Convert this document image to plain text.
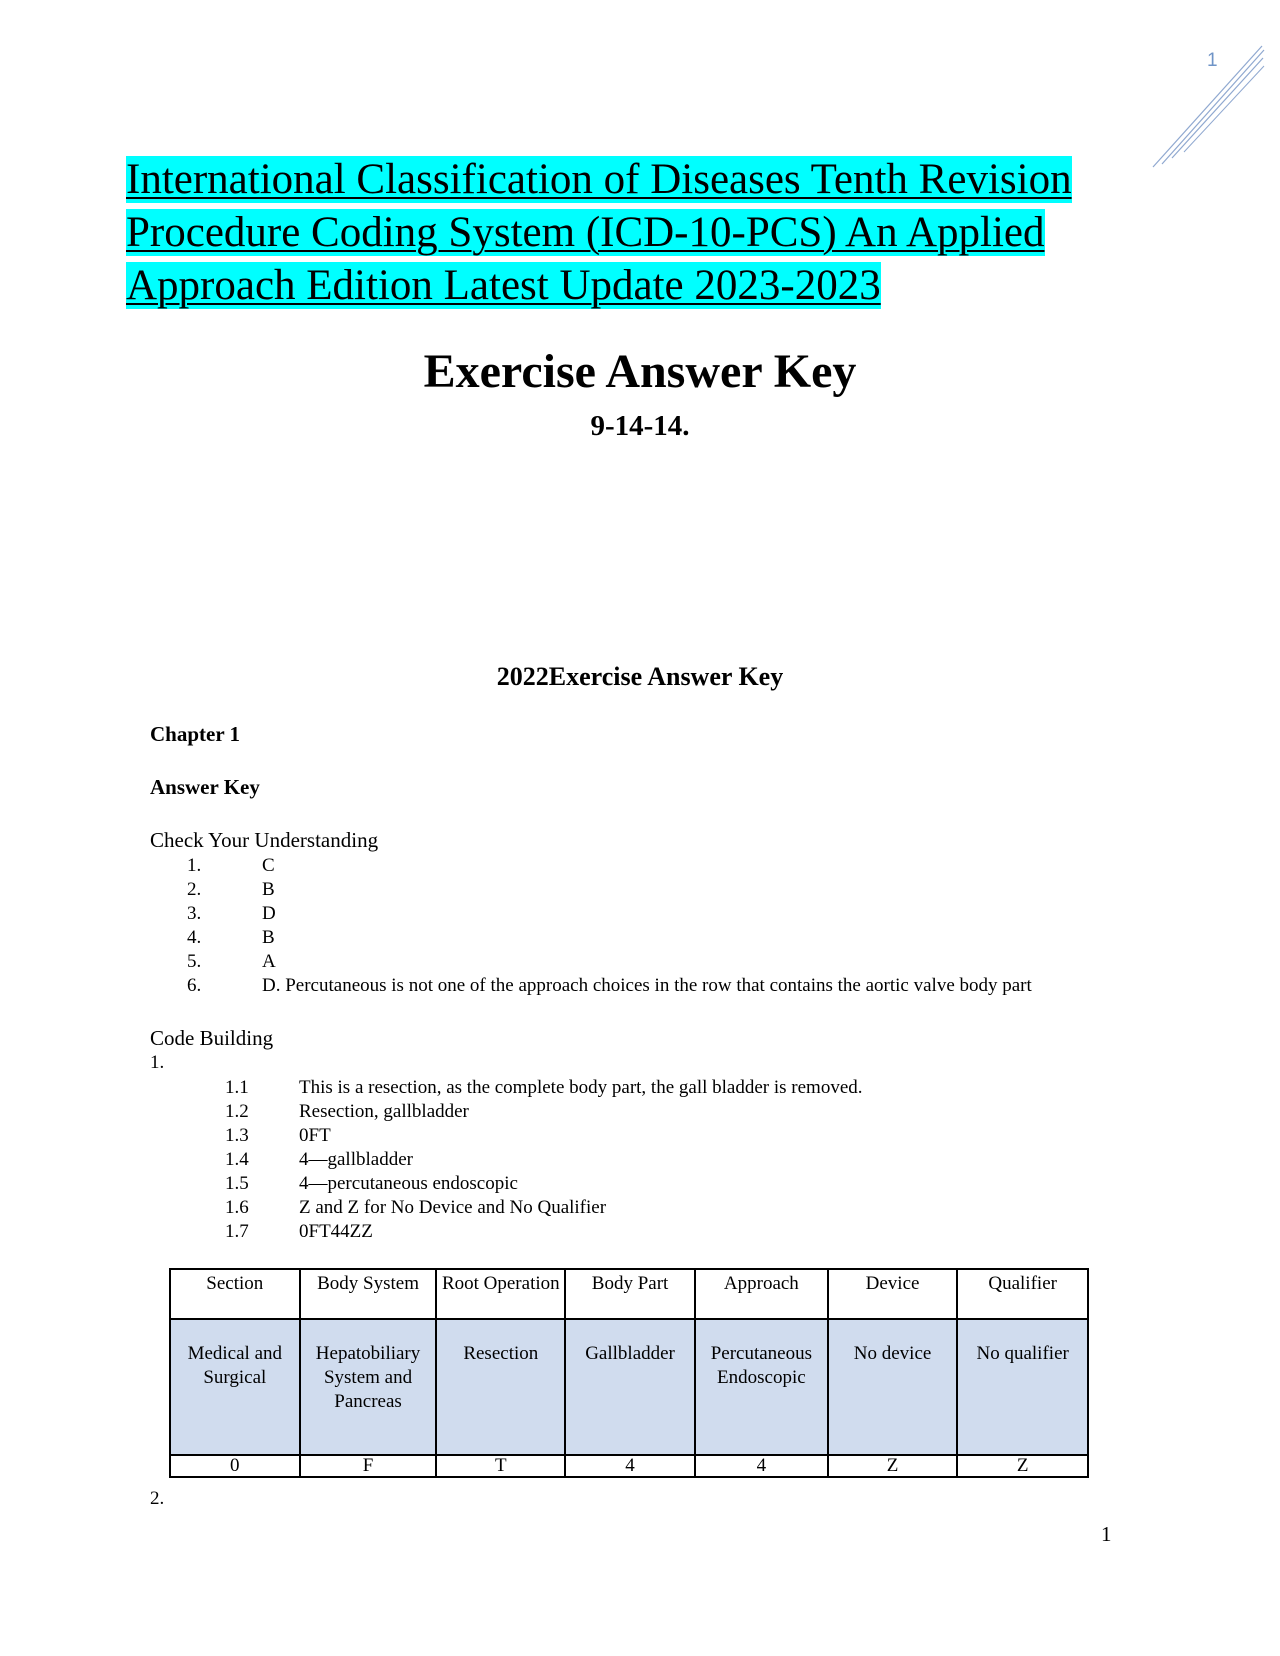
1
International Classification of Diseases Tenth Revision
Procedure Coding System (ICD-10-PCS) An Applied
Approach Edition Latest Update 2023-2023
Exercise Answer Key
9-14-14.
2022Exercise Answer Key
Chapter 1
Answer Key
Check Your Understanding
1.	C
2.	B
3.	D
4.	B
5.	A
6.	D. Percutaneous is not one of the approach choices in the row that contains the aortic valve body part
Code Building
1.
1.1	This is a resection, as the complete body part, the gall bladder is removed.
1.2	Resection, gallbladder
1.3	0FT
1.4	4—gallbladder
1.5	4—percutaneous endoscopic
1.6	Z and Z for No Device and No Qualifier
1.7	0FT44ZZ
Section	Body System	Root Operation	Body Part	Approach	Device	Qualifier
Medical and Surgical	Hepatobiliary System and Pancreas	Resection	Gallbladder	Percutaneous Endoscopic	No device	No qualifier
0	F	T	4	4	Z	Z
2.
1
